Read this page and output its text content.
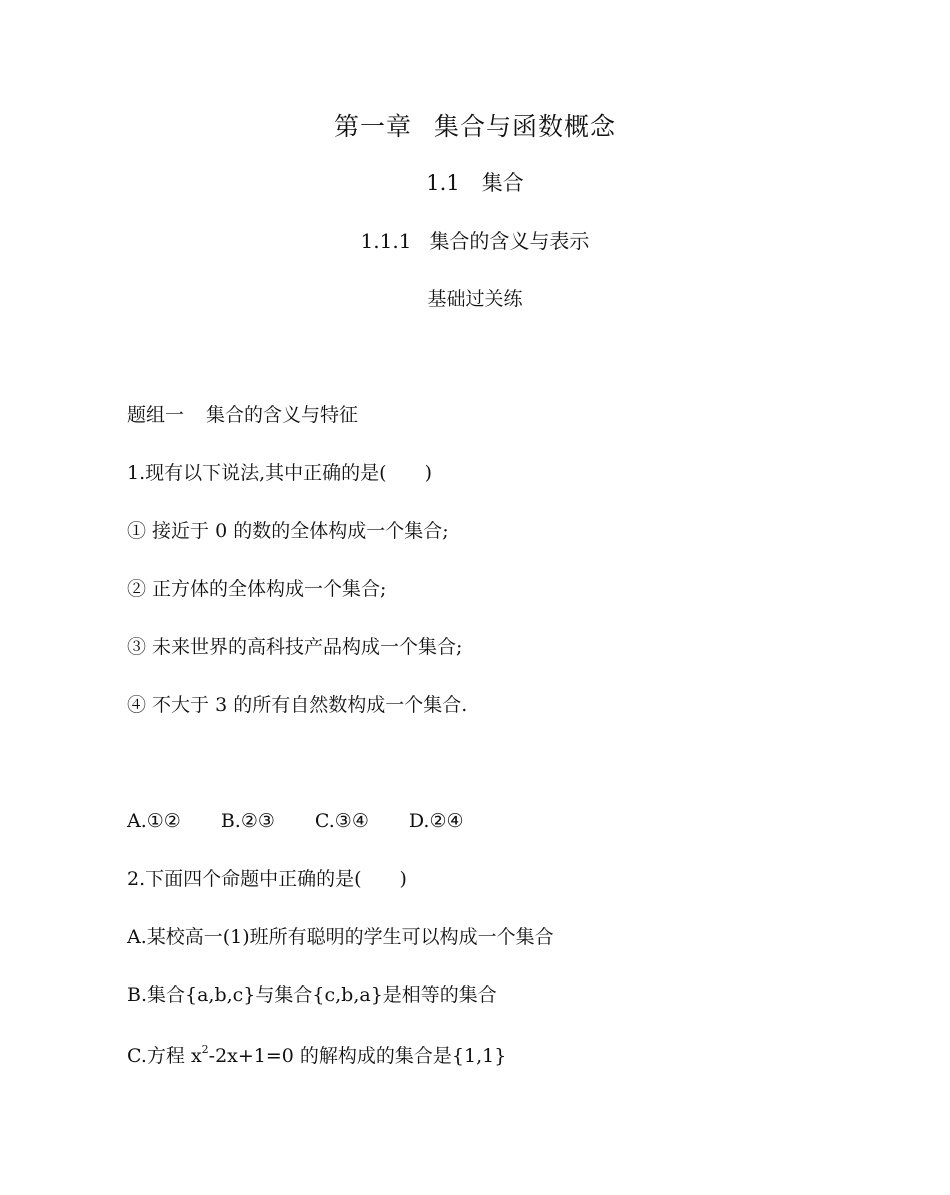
第一章 集合与函数概念
1.1 集合
1.1.1 集合的含义与表示
基础过关练
题组一 集合的含义与特征
1.现有以下说法,其中正确的是(　　)
① 接近于 0 的数的全体构成一个集合;
② 正方体的全体构成一个集合;
③ 未来世界的高科技产品构成一个集合;
④ 不大于 3 的所有自然数构成一个集合.
A.①② B.②③ C.③④ D.②④
2.下面四个命题中正确的是(　　)
A.某校高一(1)班所有聪明的学生可以构成一个集合
B.集合{a,b,c}与集合{c,b,a}是相等的集合
C.方程 $x^2-2x+1=0$ 的解构成的集合是{1,1}
